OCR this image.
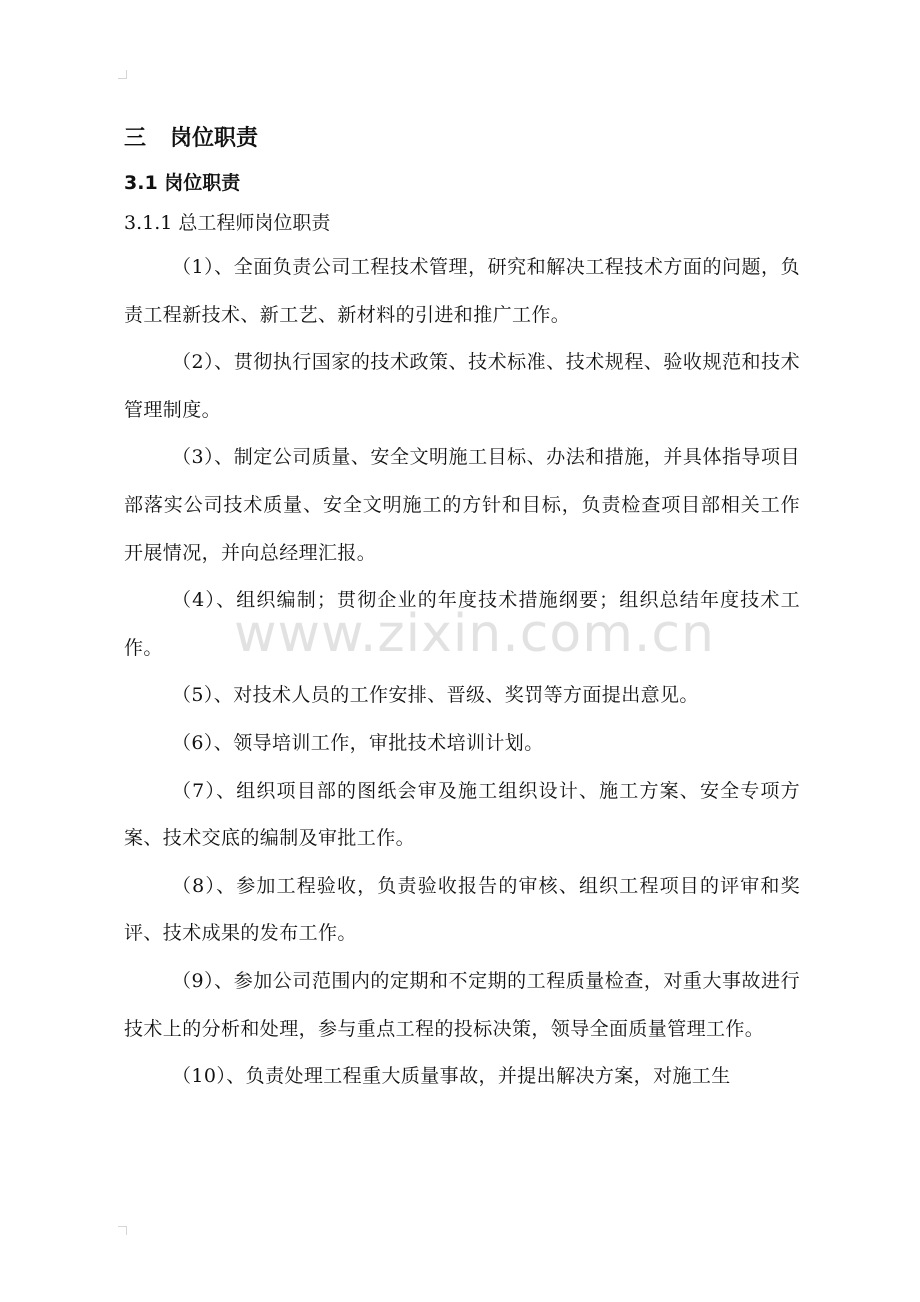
三 岗位职责
3.1 岗位职责
3.1.1 总工程师岗位职责

（1）、全面负责公司工程技术管理，研究和解决工程技术方面的问题，负责工程新技术、新工艺、新材料的引进和推广工作。

（2）、贯彻执行国家的技术政策、技术标准、技术规程、验收规范和技术管理制度。

（3）、制定公司质量、安全文明施工目标、办法和措施，并具体指导项目部落实公司技术质量、安全文明施工的方针和目标，负责检查项目部相关工作开展情况，并向总经理汇报。

（4）、组织编制；贯彻企业的年度技术措施纲要；组织总结年度技术工作。

（5）、对技术人员的工作安排、晋级、奖罚等方面提出意见。

（6）、领导培训工作，审批技术培训计划。

（7）、组织项目部的图纸会审及施工组织设计、施工方案、安全专项方案、技术交底的编制及审批工作。

（8）、参加工程验收，负责验收报告的审核、组织工程项目的评审和奖评、技术成果的发布工作。

（9）、参加公司范围内的定期和不定期的工程质量检查，对重大事故进行技术上的分析和处理，参与重点工程的投标决策，领导全面质量管理工作。

（10）、负责处理工程重大质量事故，并提出解决方案，对施工生

www.zixin.com.cn
